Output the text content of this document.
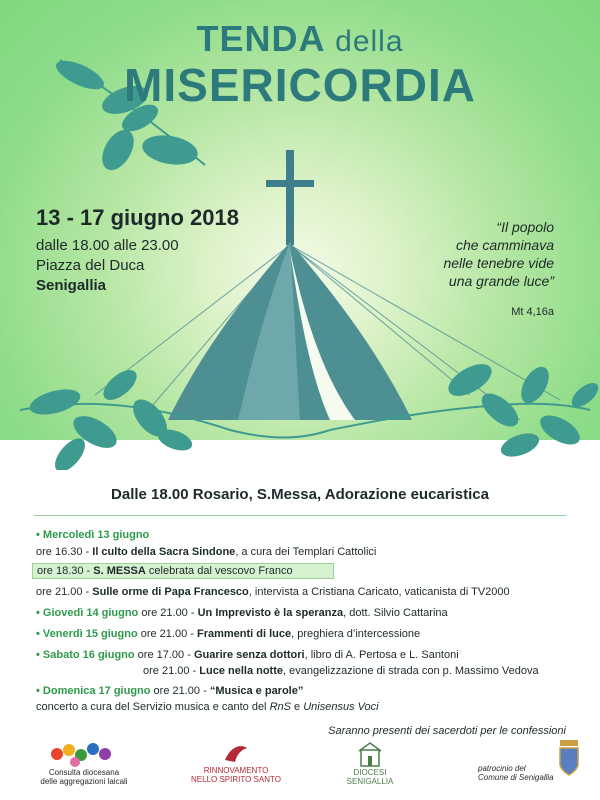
TENDA della
MISERICORDIA
13 - 17 giugno 2018
dalle 18.00 alle 23.00
Piazza del Duca
Senigallia
“Il popolo
che camminava
nelle tenebre vide
una grande luce”
Mt 4,16a
Dalle 18.00 Rosario, S.Messa, Adorazione eucaristica
• Mercoledì 13 giugno
ore 16.30 - Il culto della Sacra Sindone, a cura dei Templari Cattolici
ore 18.30 - S. MESSA celebrata dal vescovo Franco
ore 21.00 - Sulle orme di Papa Francesco, intervista a Cristiana Caricato, vaticanista di TV2000
• Giovedì 14 giugno ore 21.00 - Un Imprevisto è la speranza, dott. Silvio Cattarina
• Venerdì 15 giugno ore 21.00 - Frammenti di luce, preghiera d’intercessione
• Sabato 16 giugno ore 17.00 - Guarire senza dottori, libro di A. Pertosa e L. Santoni
ore 21.00 - Luce nella notte, evangelizzazione di strada con p. Massimo Vedova
• Domenica 17 giugno ore 21.00 - “Musica e parole”
concerto a cura del Servizio musica e canto del RnS e Unisensus Voci
Saranno presenti dei sacerdoti per le confessioni
Consulta diocesana
delle aggregazioni laicali
RINNOVAMENTO
NELLO SPIRITO SANTO
DIOCESI
SENIGALLIA
patrocinio del
Comune di Senigallia
